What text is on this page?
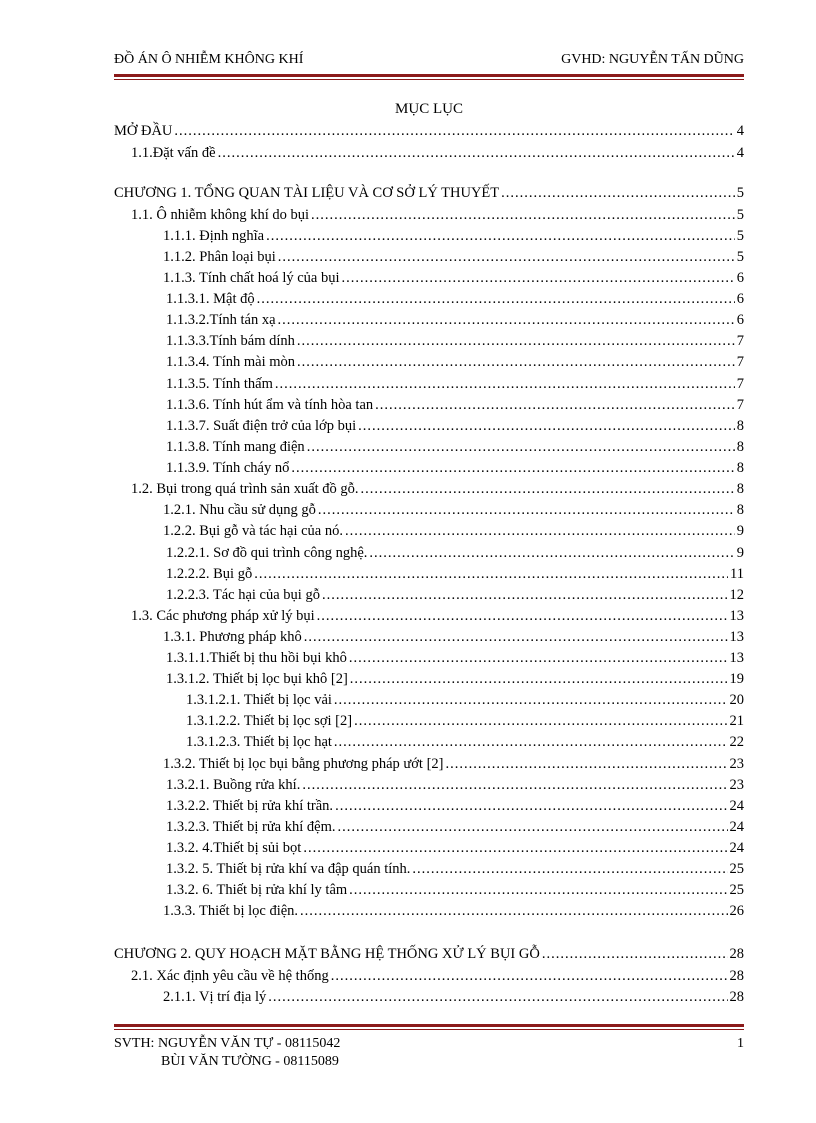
ĐỒ ÁN Ô NHIỄM KHÔNG KHÍ	GVHD: NGUYỄN TẤN DŨNG
MỤC LỤC
MỞ ĐẦU .....	4
1.1.Đặt vấn đề .....	4
CHƯƠNG 1. TỔNG QUAN TÀI LIỆU VÀ CƠ SỞ LÝ THUYẾT .....	5
1.1. Ô nhiễm không khí do bụi .....	5
1.1.1. Định nghĩa .....	5
1.1.2. Phân loại bụi .....	5
1.1.3. Tính chất hoá lý của bụi .....	6
1.1.3.1. Mật độ .....	6
1.1.3.2.Tính tán xạ .....	6
1.1.3.3.Tính bám dính .....	7
1.1.3.4. Tính mài mòn .....	7
1.1.3.5. Tính thấm .....	7
1.1.3.6. Tính hút ẩm và tính hòa tan .....	7
1.1.3.7. Suất điện trở của lớp bụi .....	8
1.1.3.8. Tính mang điện .....	8
1.1.3.9. Tính cháy nổ .....	8
1.2. Bụi trong quá trình sản xuất đồ gỗ. .....	8
1.2.1. Nhu cầu sử dụng gỗ .....	8
1.2.2. Bụi gỗ và tác hại của nó. .....	9
1.2.2.1. Sơ đồ qui trình công nghệ. .....	9
1.2.2.2. Bụi gỗ .....	11
1.2.2.3. Tác hại của bụi gỗ .....	12
1.3. Các phương pháp xử lý bụi .....	13
1.3.1. Phương pháp khô .....	13
1.3.1.1.Thiết bị thu hồi bụi khô .....	13
1.3.1.2. Thiết bị lọc bụi khô [2] .....	19
1.3.1.2.1. Thiết bị lọc vải .....	20
1.3.1.2.2. Thiết bị lọc sợi [2] .....	21
1.3.1.2.3. Thiết bị lọc hạt .....	22
1.3.2. Thiết bị lọc bụi bằng phương pháp ướt [2] .....	23
1.3.2.1. Buồng rửa khí. .....	23
1.3.2.2. Thiết bị rửa khí trần. .....	24
1.3.2.3. Thiết bị rửa khí đệm. .....	24
1.3.2. 4.Thiết bị sủi bọt .....	24
1.3.2. 5. Thiết bị rửa khí va đập quán tính. .....	25
1.3.2. 6. Thiết bị rửa khí ly tâm .....	25
1.3.3. Thiết bị lọc điện. .....	26
CHƯƠNG 2. QUY HOẠCH MẶT BẰNG HỆ THỐNG XỬ LÝ BỤI GỖ .....	28
2.1. Xác định yêu cầu về hệ thống .....	28
2.1.1. Vị trí địa lý .....	28
SVTH: NGUYỄN VĂN TỰ - 08115042
BÙI VĂN TƯỜNG - 08115089
1
